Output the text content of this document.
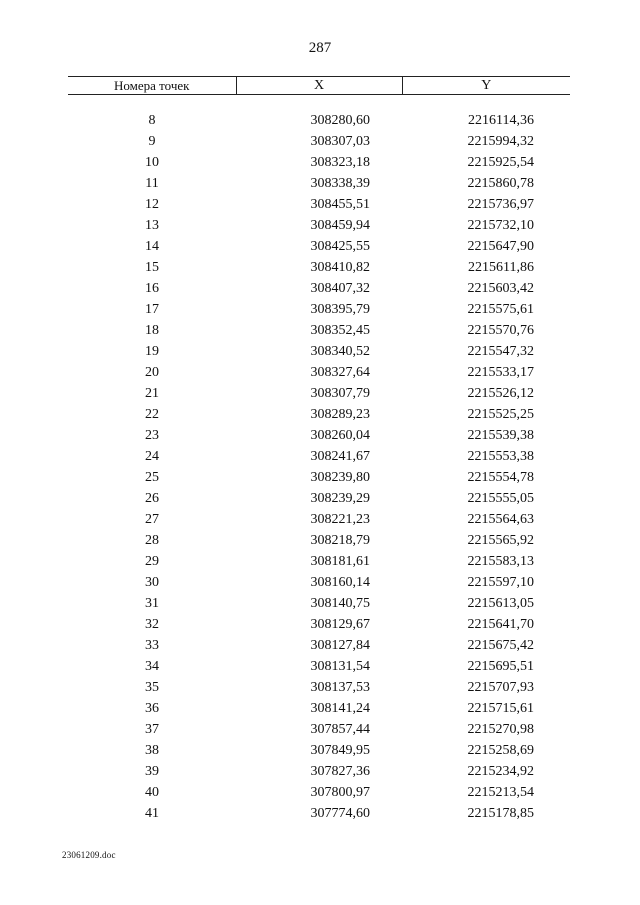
287
Номера точек	X	Y

8	308280,60	2216114,36
9	308307,03	2215994,32
10	308323,18	2215925,54
11	308338,39	2215860,78
12	308455,51	2215736,97
13	308459,94	2215732,10
14	308425,55	2215647,90
15	308410,82	2215611,86
16	308407,32	2215603,42
17	308395,79	2215575,61
18	308352,45	2215570,76
19	308340,52	2215547,32
20	308327,64	2215533,17
21	308307,79	2215526,12
22	308289,23	2215525,25
23	308260,04	2215539,38
24	308241,67	2215553,38
25	308239,80	2215554,78
26	308239,29	2215555,05
27	308221,23	2215564,63
28	308218,79	2215565,92
29	308181,61	2215583,13
30	308160,14	2215597,10
31	308140,75	2215613,05
32	308129,67	2215641,70
33	308127,84	2215675,42
34	308131,54	2215695,51
35	308137,53	2215707,93
36	308141,24	2215715,61
37	307857,44	2215270,98
38	307849,95	2215258,69
39	307827,36	2215234,92
40	307800,97	2215213,54
41	307774,60	2215178,85
23061209.doc
